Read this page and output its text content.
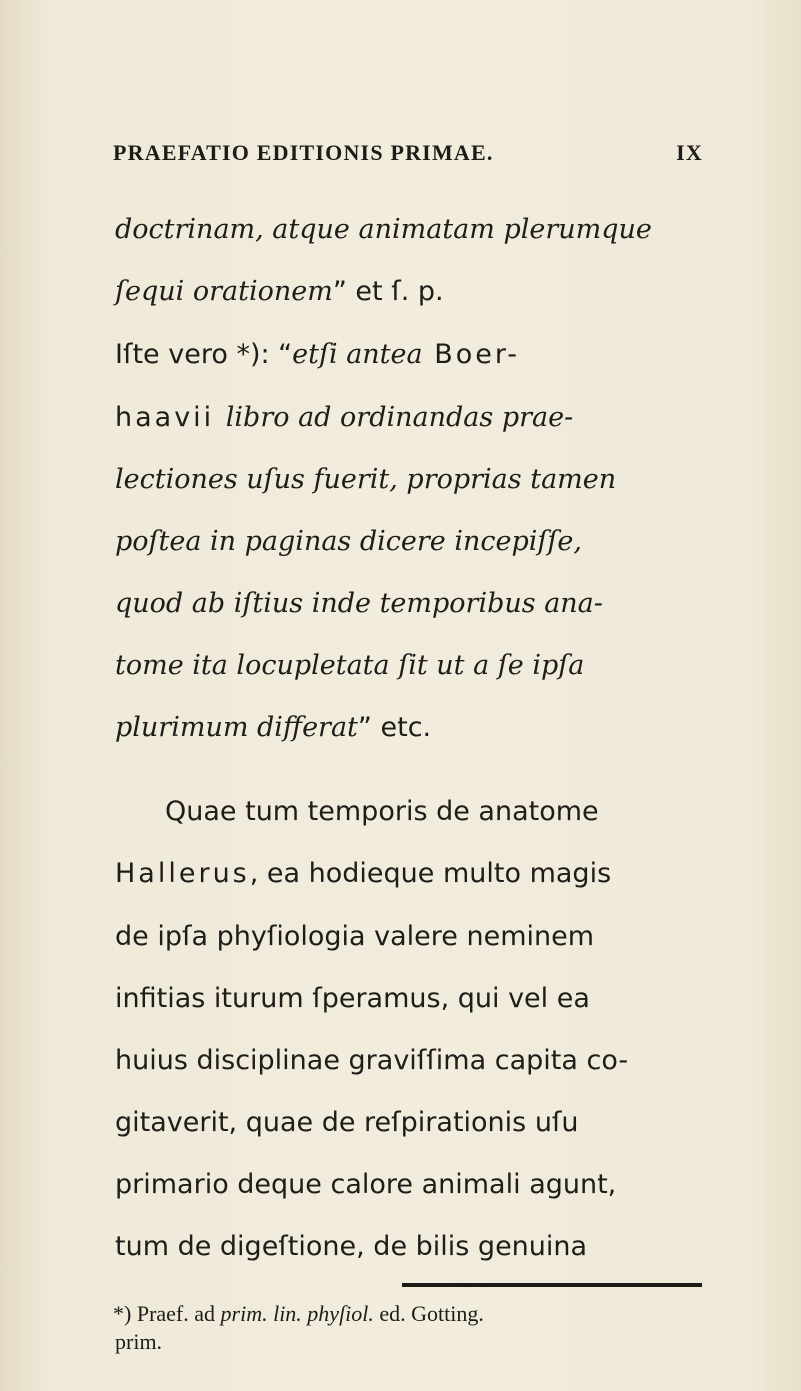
PRAEFATIO EDITIONIS PRIMAE.	IX
doctrinam, atque animatam plerumque
ſequi orationem” et ſ. p.
Iſte vero *): “etſi antea Boer-
haavii libro ad ordinandas prae-
lectiones uſus fuerit, proprias tamen
poſtea in paginas dicere incepiſſe,
quod ab iſtius inde temporibus ana-
tome ita locupletata ſit ut a ſe ipſa
plurimum differat” etc.
Quae tum temporis de anatome
Hallerus, ea hodieque multo magis
de ipſa phyſiologia valere neminem
infitias iturum ſperamus, qui vel ea
huius disciplinae graviſſima capita co-
gitaverit, quae de reſpirationis uſu
primario deque calore animali agunt,
tum de digeſtione, de bilis genuina
*) Praef. ad prim. lin. phyſiol. ed. Gotting.
prim.
